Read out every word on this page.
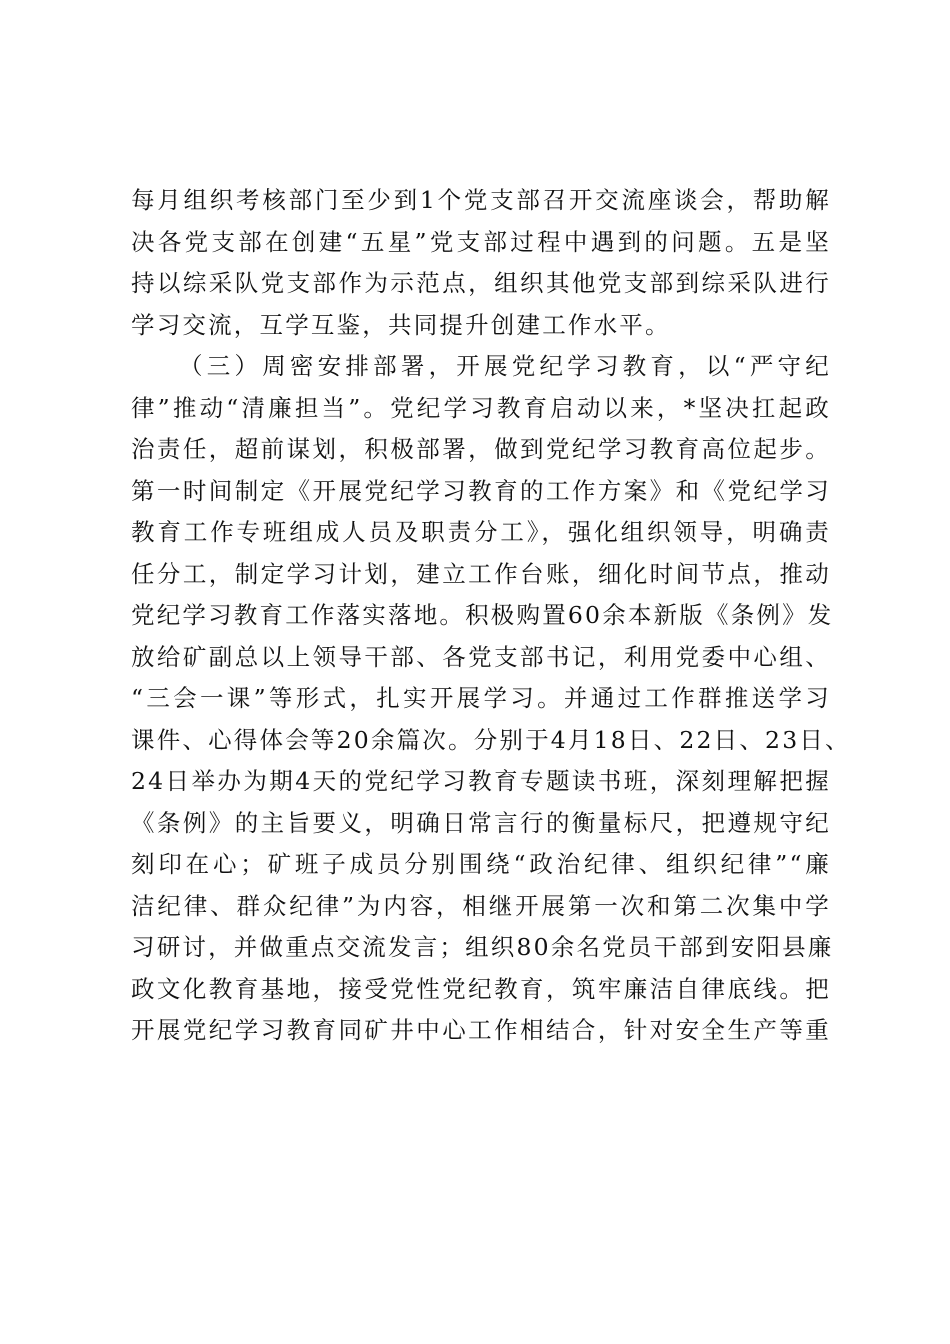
每月组织考核部门至少到1个党支部召开交流座谈会，帮助解
决各党支部在创建“五星”党支部过程中遇到的问题。五是坚
持以综采队党支部作为示范点，组织其他党支部到综采队进行
学习交流，互学互鉴，共同提升创建工作水平。
（三）周密安排部署，开展党纪学习教育，以“严守纪
律”推动“清廉担当”。党纪学习教育启动以来，*坚决扛起政
治责任，超前谋划，积极部署，做到党纪学习教育高位起步。
第一时间制定《开展党纪学习教育的工作方案》和《党纪学习
教育工作专班组成人员及职责分工》，强化组织领导，明确责
任分工，制定学习计划，建立工作台账，细化时间节点，推动
党纪学习教育工作落实落地。积极购置60余本新版《条例》发
放给矿副总以上领导干部、各党支部书记，利用党委中心组、
“三会一课”等形式，扎实开展学习。并通过工作群推送学习
课件、心得体会等20余篇次。分别于4月18日、22日、23日、
24日举办为期4天的党纪学习教育专题读书班，深刻理解把握
《条例》的主旨要义，明确日常言行的衡量标尺，把遵规守纪
刻印在心；矿班子成员分别围绕“政治纪律、组织纪律”“廉
洁纪律、群众纪律”为内容，相继开展第一次和第二次集中学
习研讨，并做重点交流发言；组织80余名党员干部到安阳县廉
政文化教育基地，接受党性党纪教育，筑牢廉洁自律底线。把
开展党纪学习教育同矿井中心工作相结合，针对安全生产等重
